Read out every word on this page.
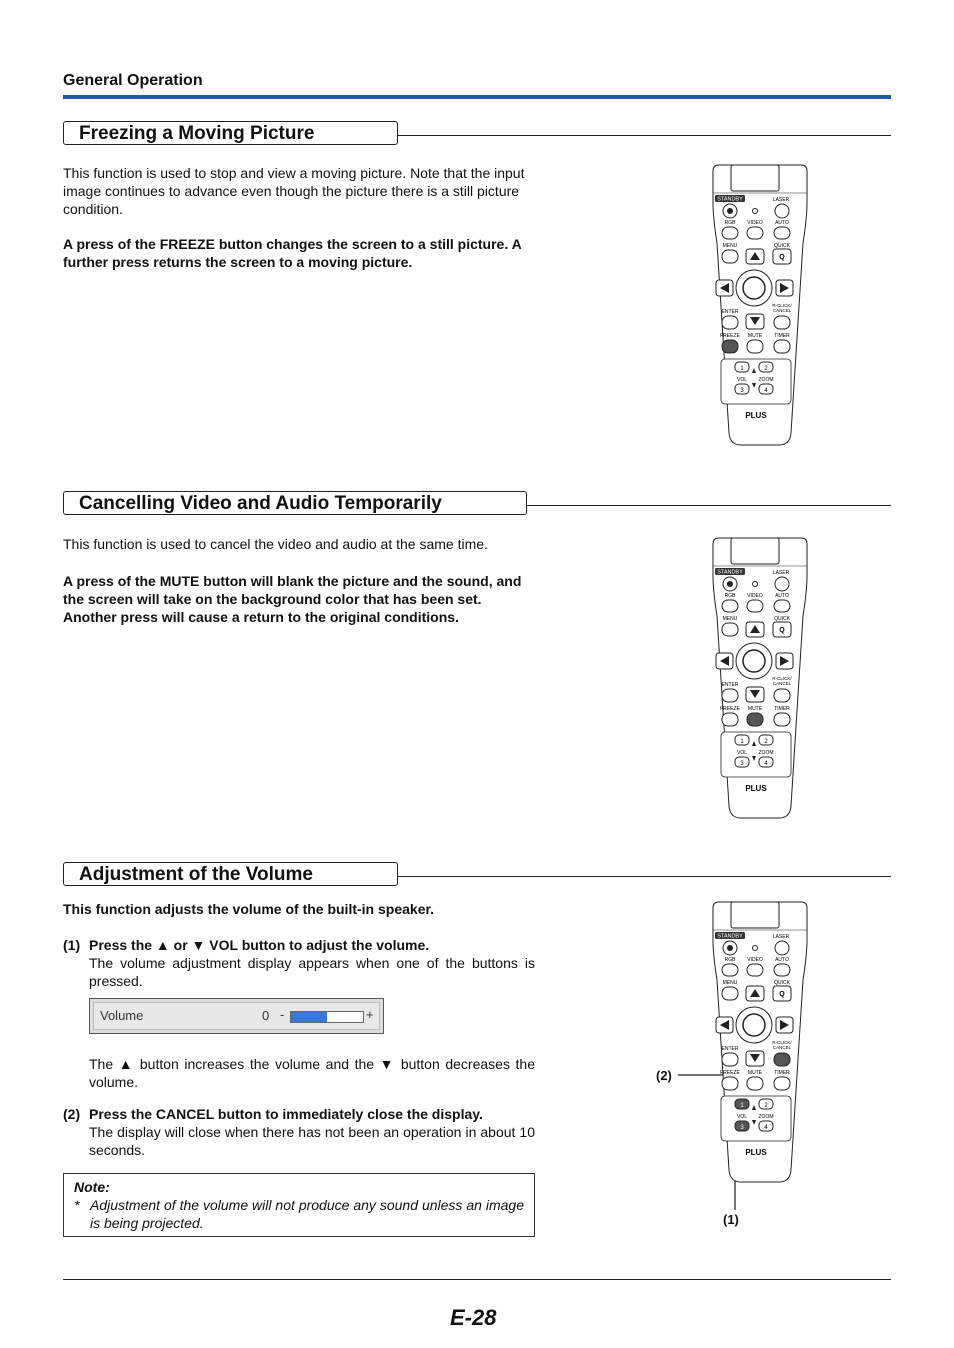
General Operation
Freezing a Moving Picture
This function is used to stop and view a moving picture. Note that the input image continues to advance even though the picture there is a still picture condition.
A press of the FREEZE button changes the screen to a still picture. A further press returns the screen to a moving picture.
Cancelling Video and Audio Temporarily
This function is used to cancel the video and audio at the same time.
A press of the MUTE button will blank the picture and the sound, and the screen will take on the background color that has been set. Another press will cause a return to the original conditions.
Adjustment of the Volume
This function adjusts the volume of the built-in speaker.
(1) Press the ▲ or ▼ VOL button to adjust the volume.
The volume adjustment display appears when one of the buttons is pressed.
Volume	0 -	+
The ▲ button increases the volume and the ▼ button decreases the volume.
(2) Press the CANCEL button to immediately close the display.
The display will close when there has not been an operation in about 10 seconds.
Note:
* Adjustment of the volume will not produce any sound unless an image is being projected.
(2)
(1)
STANDBY	LASER
RGB VIDEO AUTO
MENU	QUICK
Q
ENTER
R-CLICK/
CANCEL
FREEZE MUTE TIMER
1	2
VOL ZOOM
3	4
PLUS
STANDBY	LASER
RGB VIDEO AUTO
MENU	QUICK
Q
ENTER
R-CLICK/
CANCEL
FREEZE MUTE TIMER
1	2
VOL ZOOM
3	4
PLUS
STANDBY	LASER
RGB VIDEO AUTO
MENU	QUICK
Q
ENTER
R-CLICK/
CANCEL
FREEZE MUTE TIMER
1	2
VOL ZOOM
3	4
PLUS
E-28
